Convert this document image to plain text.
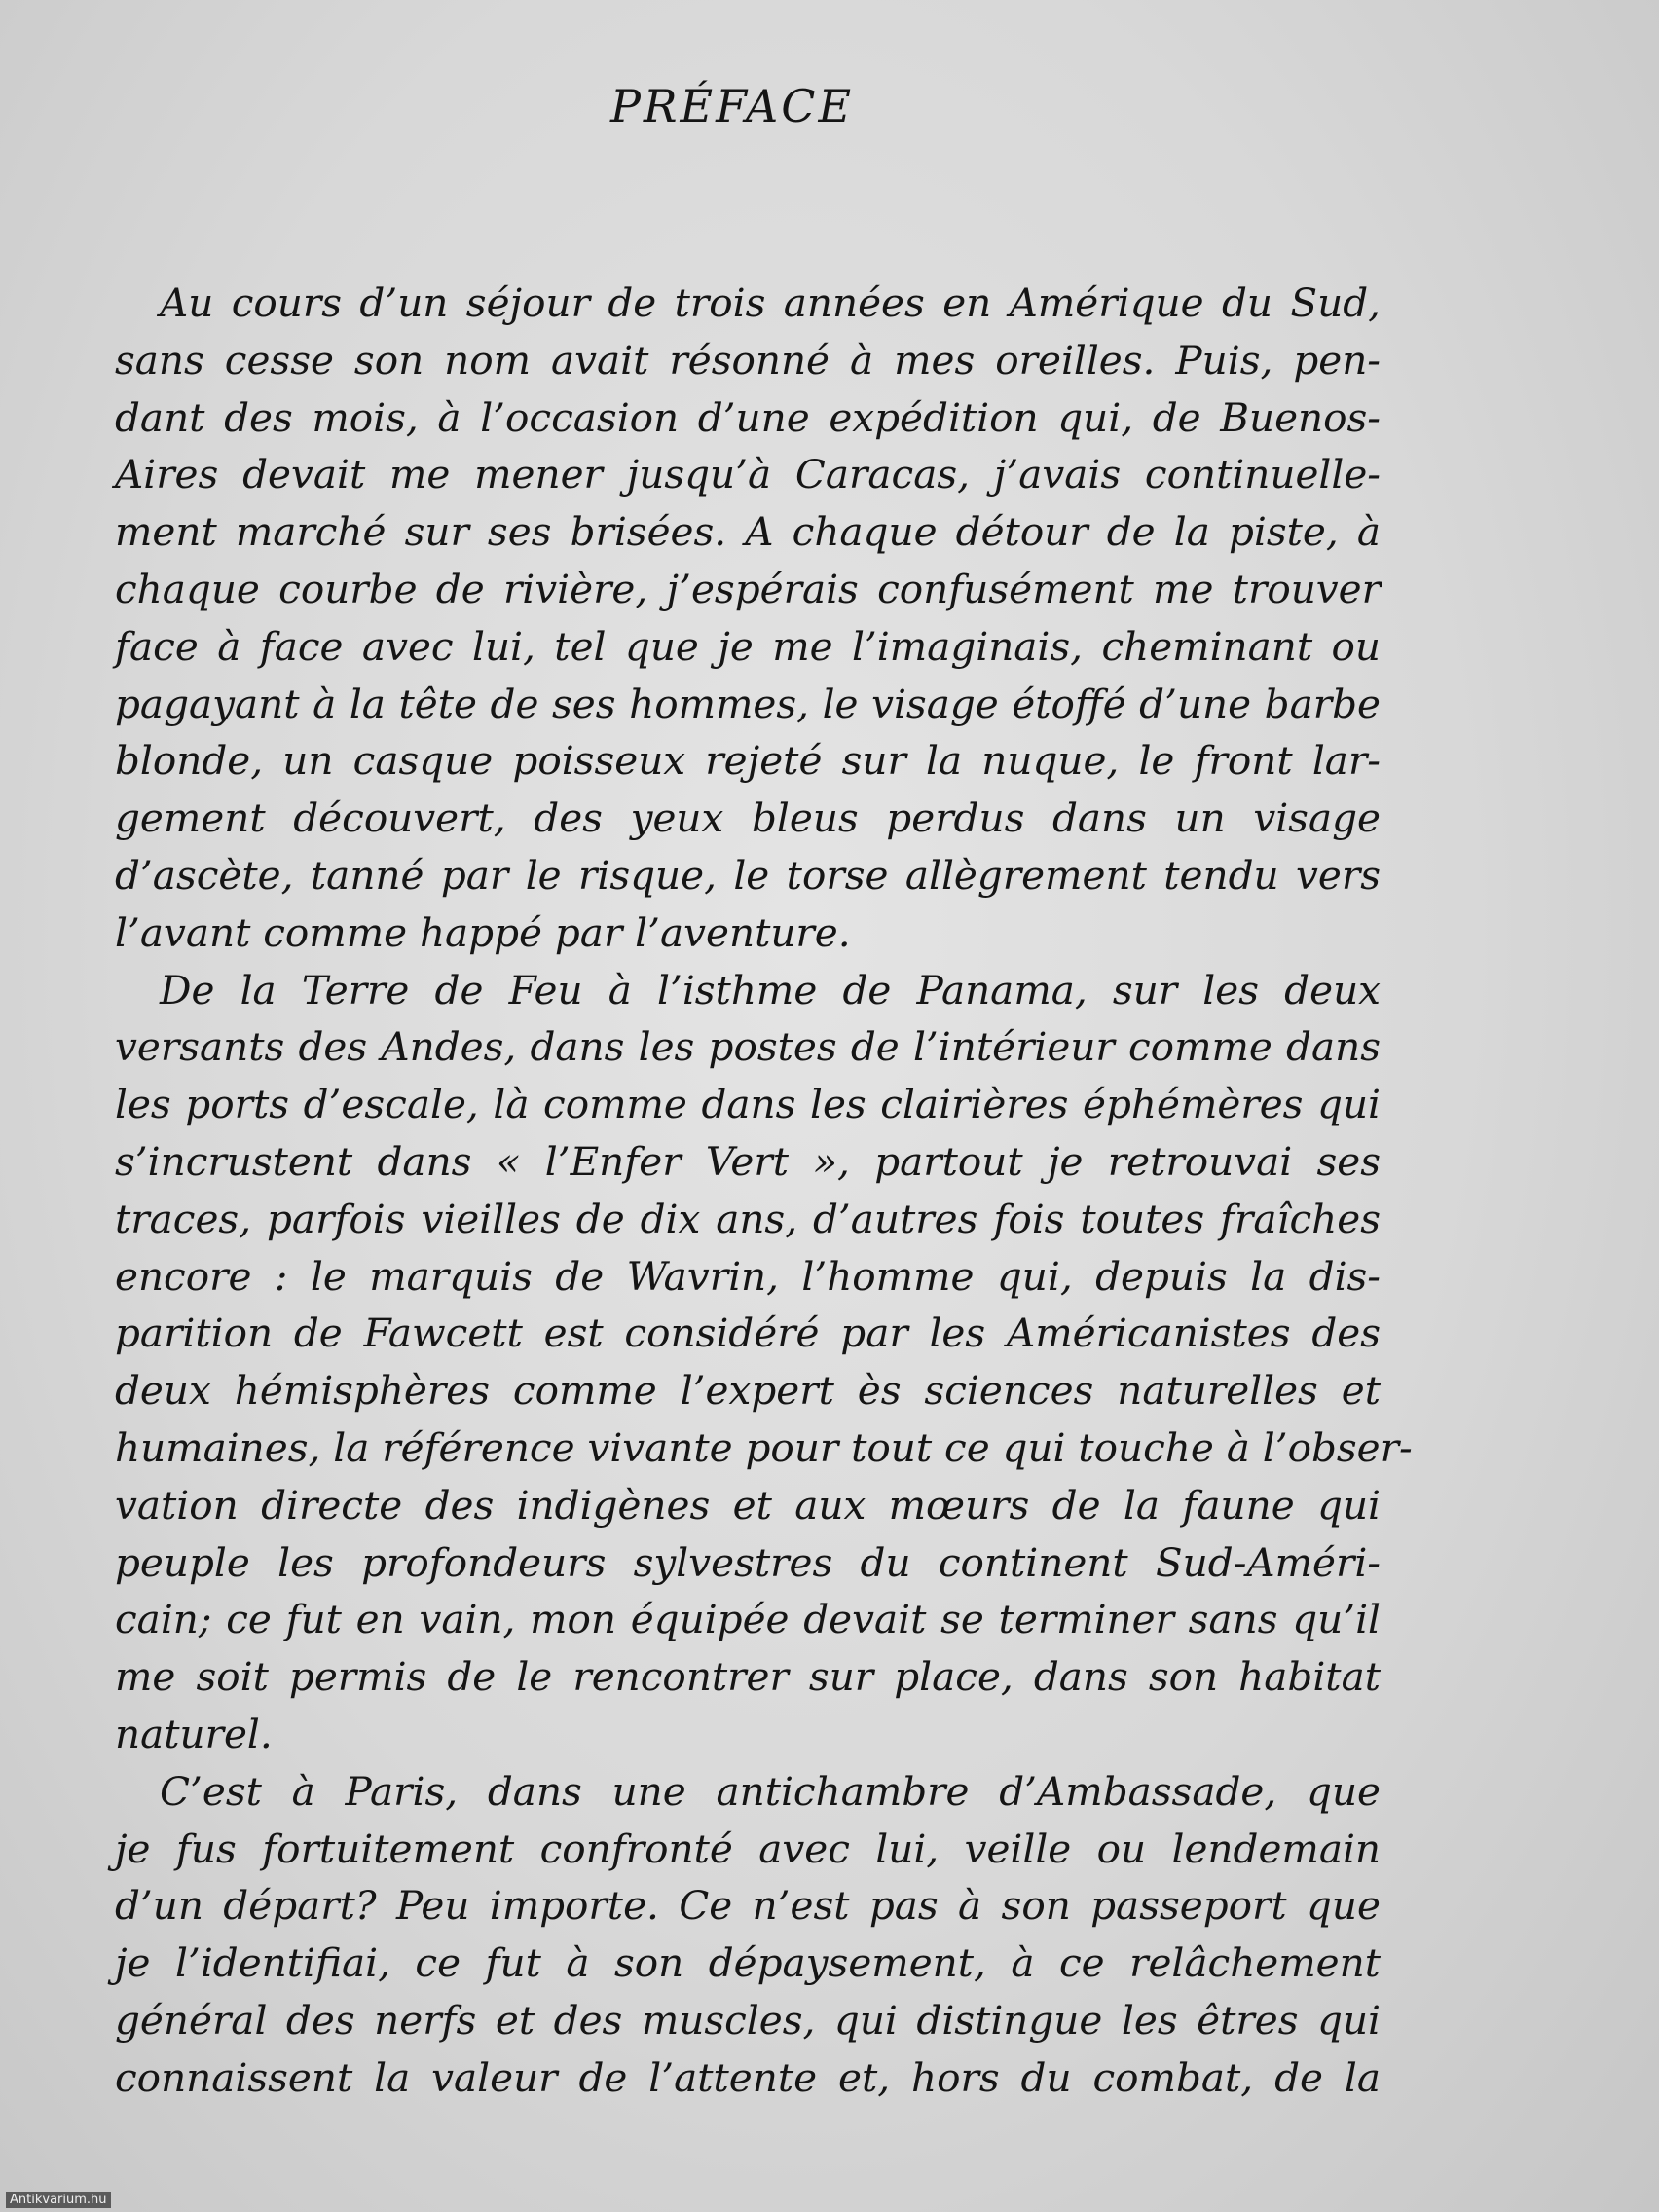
PRÉFACE
Au cours d’un séjour de trois années en Amérique du Sud,
sans cesse son nom avait résonné à mes oreilles. Puis, pen-
dant des mois, à l’occasion d’une expédition qui, de Buenos-
Aires devait me mener jusqu’à Caracas, j’avais continuelle-
ment marché sur ses brisées. A chaque détour de la piste, à
chaque courbe de rivière, j’espérais confusément me trouver
face à face avec lui, tel que je me l’imaginais, cheminant ou
pagayant à la tête de ses hommes, le visage étoffé d’une barbe
blonde, un casque poisseux rejeté sur la nuque, le front lar-
gement découvert, des yeux bleus perdus dans un visage
d’ascète, tanné par le risque, le torse allègrement tendu vers
l’avant comme happé par l’aventure.
De la Terre de Feu à l’isthme de Panama, sur les deux
versants des Andes, dans les postes de l’intérieur comme dans
les ports d’escale, là comme dans les clairières éphémères qui
s’incrustent dans « l’Enfer Vert », partout je retrouvai ses
traces, parfois vieilles de dix ans, d’autres fois toutes fraîches
encore : le marquis de Wavrin, l’homme qui, depuis la dis-
parition de Fawcett est considéré par les Américanistes des
deux hémisphères comme l’expert ès sciences naturelles et
humaines, la référence vivante pour tout ce qui touche à l’obser-
vation directe des indigènes et aux mœurs de la faune qui
peuple les profondeurs sylvestres du continent Sud-Améri-
cain; ce fut en vain, mon équipée devait se terminer sans qu’il
me soit permis de le rencontrer sur place, dans son habitat
naturel.
C’est à Paris, dans une antichambre d’Ambassade, que
je fus fortuitement confronté avec lui, veille ou lendemain
d’un départ? Peu importe. Ce n’est pas à son passeport que
je l’identifiai, ce fut à son dépaysement, à ce relâchement
général des nerfs et des muscles, qui distingue les êtres qui
connaissent la valeur de l’attente et, hors du combat, de la
Antikvarium.hu
